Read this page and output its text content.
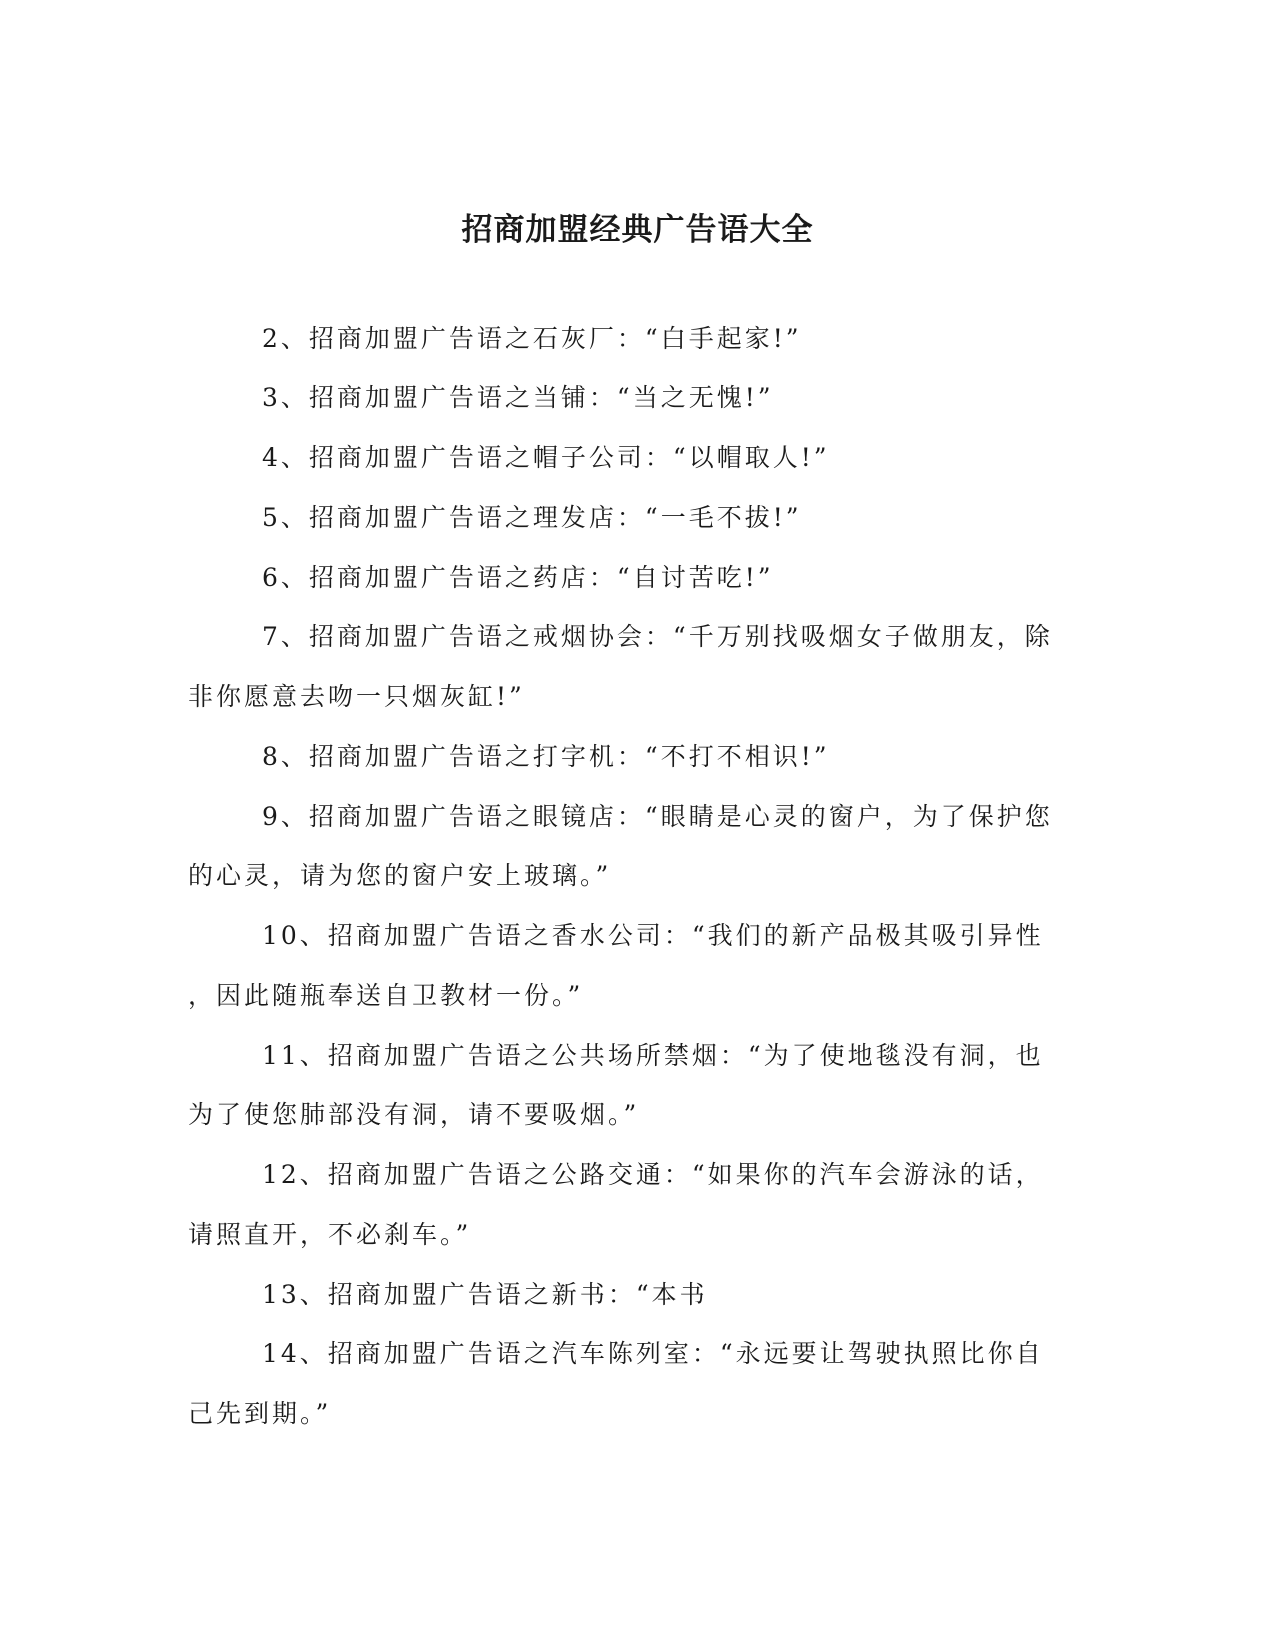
招商加盟经典广告语大全

2、招商加盟广告语之石灰厂：“白手起家!”

3、招商加盟广告语之当铺：“当之无愧!”

4、招商加盟广告语之帽子公司：“以帽取人!”

5、招商加盟广告语之理发店：“一毛不拔!”

6、招商加盟广告语之药店：“自讨苦吃!”

7、招商加盟广告语之戒烟协会：“千万别找吸烟女子做朋友，除

非你愿意去吻一只烟灰缸!”

8、招商加盟广告语之打字机：“不打不相识!”

9、招商加盟广告语之眼镜店：“眼睛是心灵的窗户，为了保护您

的心灵，请为您的窗户安上玻璃。”

10、招商加盟广告语之香水公司：“我们的新产品极其吸引异性

，因此随瓶奉送自卫教材一份。”

11、招商加盟广告语之公共场所禁烟：“为了使地毯没有洞，也

为了使您肺部没有洞，请不要吸烟。”

12、招商加盟广告语之公路交通：“如果你的汽车会游泳的话，

请照直开，不必刹车。”

13、招商加盟广告语之新书：“本书

14、招商加盟广告语之汽车陈列室：“永远要让驾驶执照比你自

己先到期。”
